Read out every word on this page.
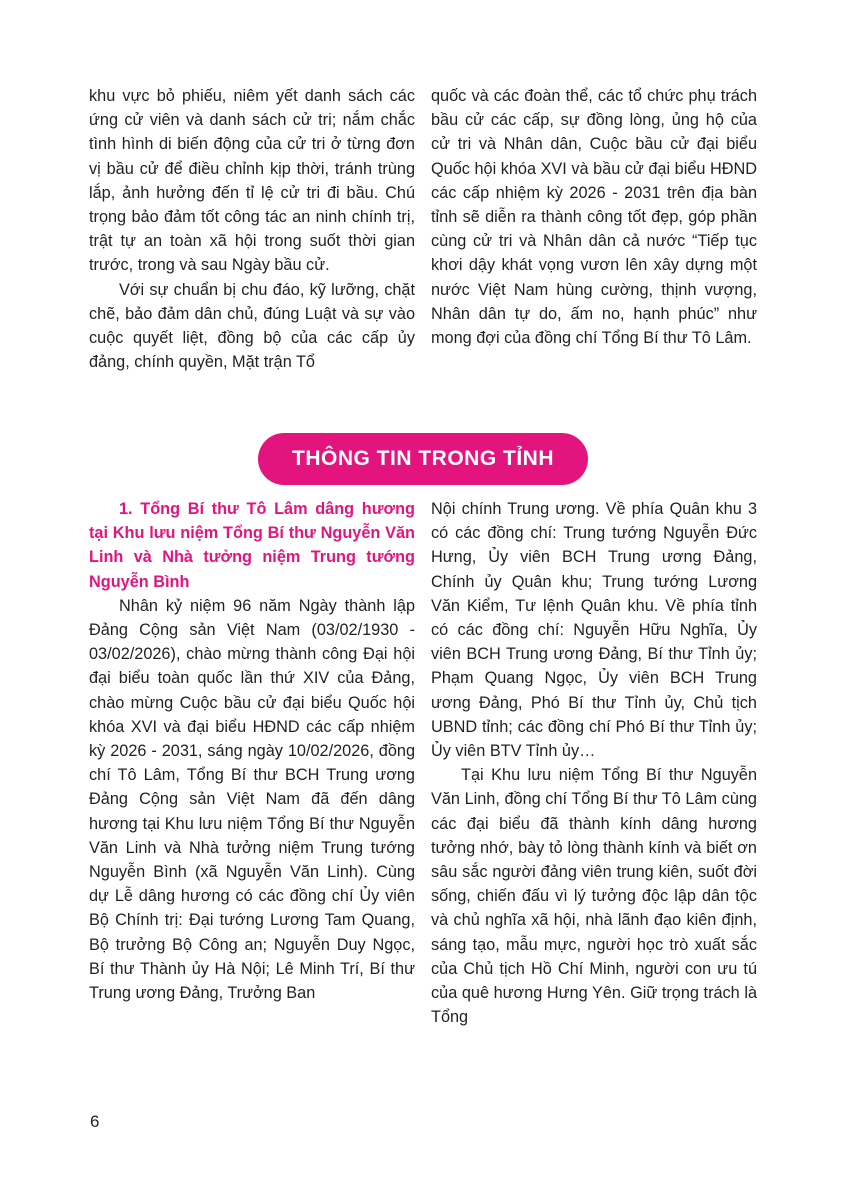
khu vực bỏ phiếu, niêm yết danh sách các ứng cử viên và danh sách cử tri; nắm chắc tình hình di biến động của cử tri ở từng đơn vị bầu cử để điều chỉnh kịp thời, tránh trùng lắp, ảnh hưởng đến tỉ lệ cử tri đi bầu. Chú trọng bảo đảm tốt công tác an ninh chính trị, trật tự an toàn xã hội trong suốt thời gian trước, trong và sau Ngày bầu cử.

Với sự chuẩn bị chu đáo, kỹ lưỡng, chặt chẽ, bảo đảm dân chủ, đúng Luật và sự vào cuộc quyết liệt, đồng bộ của các cấp ủy đảng, chính quyền, Mặt trận Tổ

quốc và các đoàn thể, các tổ chức phụ trách bầu cử các cấp, sự đồng lòng, ủng hộ của cử tri và Nhân dân, Cuộc bầu cử đại biểu Quốc hội khóa XVI và bầu cử đại biểu HĐND các cấp nhiệm kỳ 2026 - 2031 trên địa bàn tỉnh sẽ diễn ra thành công tốt đẹp, góp phần cùng cử tri và Nhân dân cả nước “Tiếp tục khơi dậy khát vọng vươn lên xây dựng một nước Việt Nam hùng cường, thịnh vượng, Nhân dân tự do, ấm no, hạnh phúc” như mong đợi của đồng chí Tổng Bí thư Tô Lâm.

THÔNG TIN TRONG TỈNH

1. Tổng Bí thư Tô Lâm dâng hương tại Khu lưu niệm Tổng Bí thư Nguyễn Văn Linh và Nhà tưởng niệm Trung tướng Nguyễn Bình

Nhân kỷ niệm 96 năm Ngày thành lập Đảng Cộng sản Việt Nam (03/02/1930 - 03/02/2026), chào mừng thành công Đại hội đại biểu toàn quốc lần thứ XIV của Đảng, chào mừng Cuộc bầu cử đại biểu Quốc hội khóa XVI và đại biểu HĐND các cấp nhiệm kỳ 2026 - 2031, sáng ngày 10/02/2026, đồng chí Tô Lâm, Tổng Bí thư BCH Trung ương Đảng Cộng sản Việt Nam đã đến dâng hương tại Khu lưu niệm Tổng Bí thư Nguyễn Văn Linh và Nhà tưởng niệm Trung tướng Nguyễn Bình (xã Nguyễn Văn Linh). Cùng dự Lễ dâng hương có các đồng chí Ủy viên Bộ Chính trị: Đại tướng Lương Tam Quang, Bộ trưởng Bộ Công an; Nguyễn Duy Ngọc, Bí thư Thành ủy Hà Nội; Lê Minh Trí, Bí thư Trung ương Đảng, Trưởng Ban

Nội chính Trung ương. Về phía Quân khu 3 có các đồng chí: Trung tướng Nguyễn Đức Hưng, Ủy viên BCH Trung ương Đảng, Chính ủy Quân khu; Trung tướng Lương Văn Kiểm, Tư lệnh Quân khu. Về phía tỉnh có các đồng chí: Nguyễn Hữu Nghĩa, Ủy viên BCH Trung ương Đảng, Bí thư Tỉnh ủy; Phạm Quang Ngọc, Ủy viên BCH Trung ương Đảng, Phó Bí thư Tỉnh ủy, Chủ tịch UBND tỉnh; các đồng chí Phó Bí thư Tỉnh ủy; Ủy viên BTV Tỉnh ủy…

Tại Khu lưu niệm Tổng Bí thư Nguyễn Văn Linh, đồng chí Tổng Bí thư Tô Lâm cùng các đại biểu đã thành kính dâng hương tưởng nhớ, bày tỏ lòng thành kính và biết ơn sâu sắc người đảng viên trung kiên, suốt đời sống, chiến đấu vì lý tưởng độc lập dân tộc và chủ nghĩa xã hội, nhà lãnh đạo kiên định, sáng tạo, mẫu mực, người học trò xuất sắc của Chủ tịch Hồ Chí Minh, người con ưu tú của quê hương Hưng Yên. Giữ trọng trách là Tổng

6
